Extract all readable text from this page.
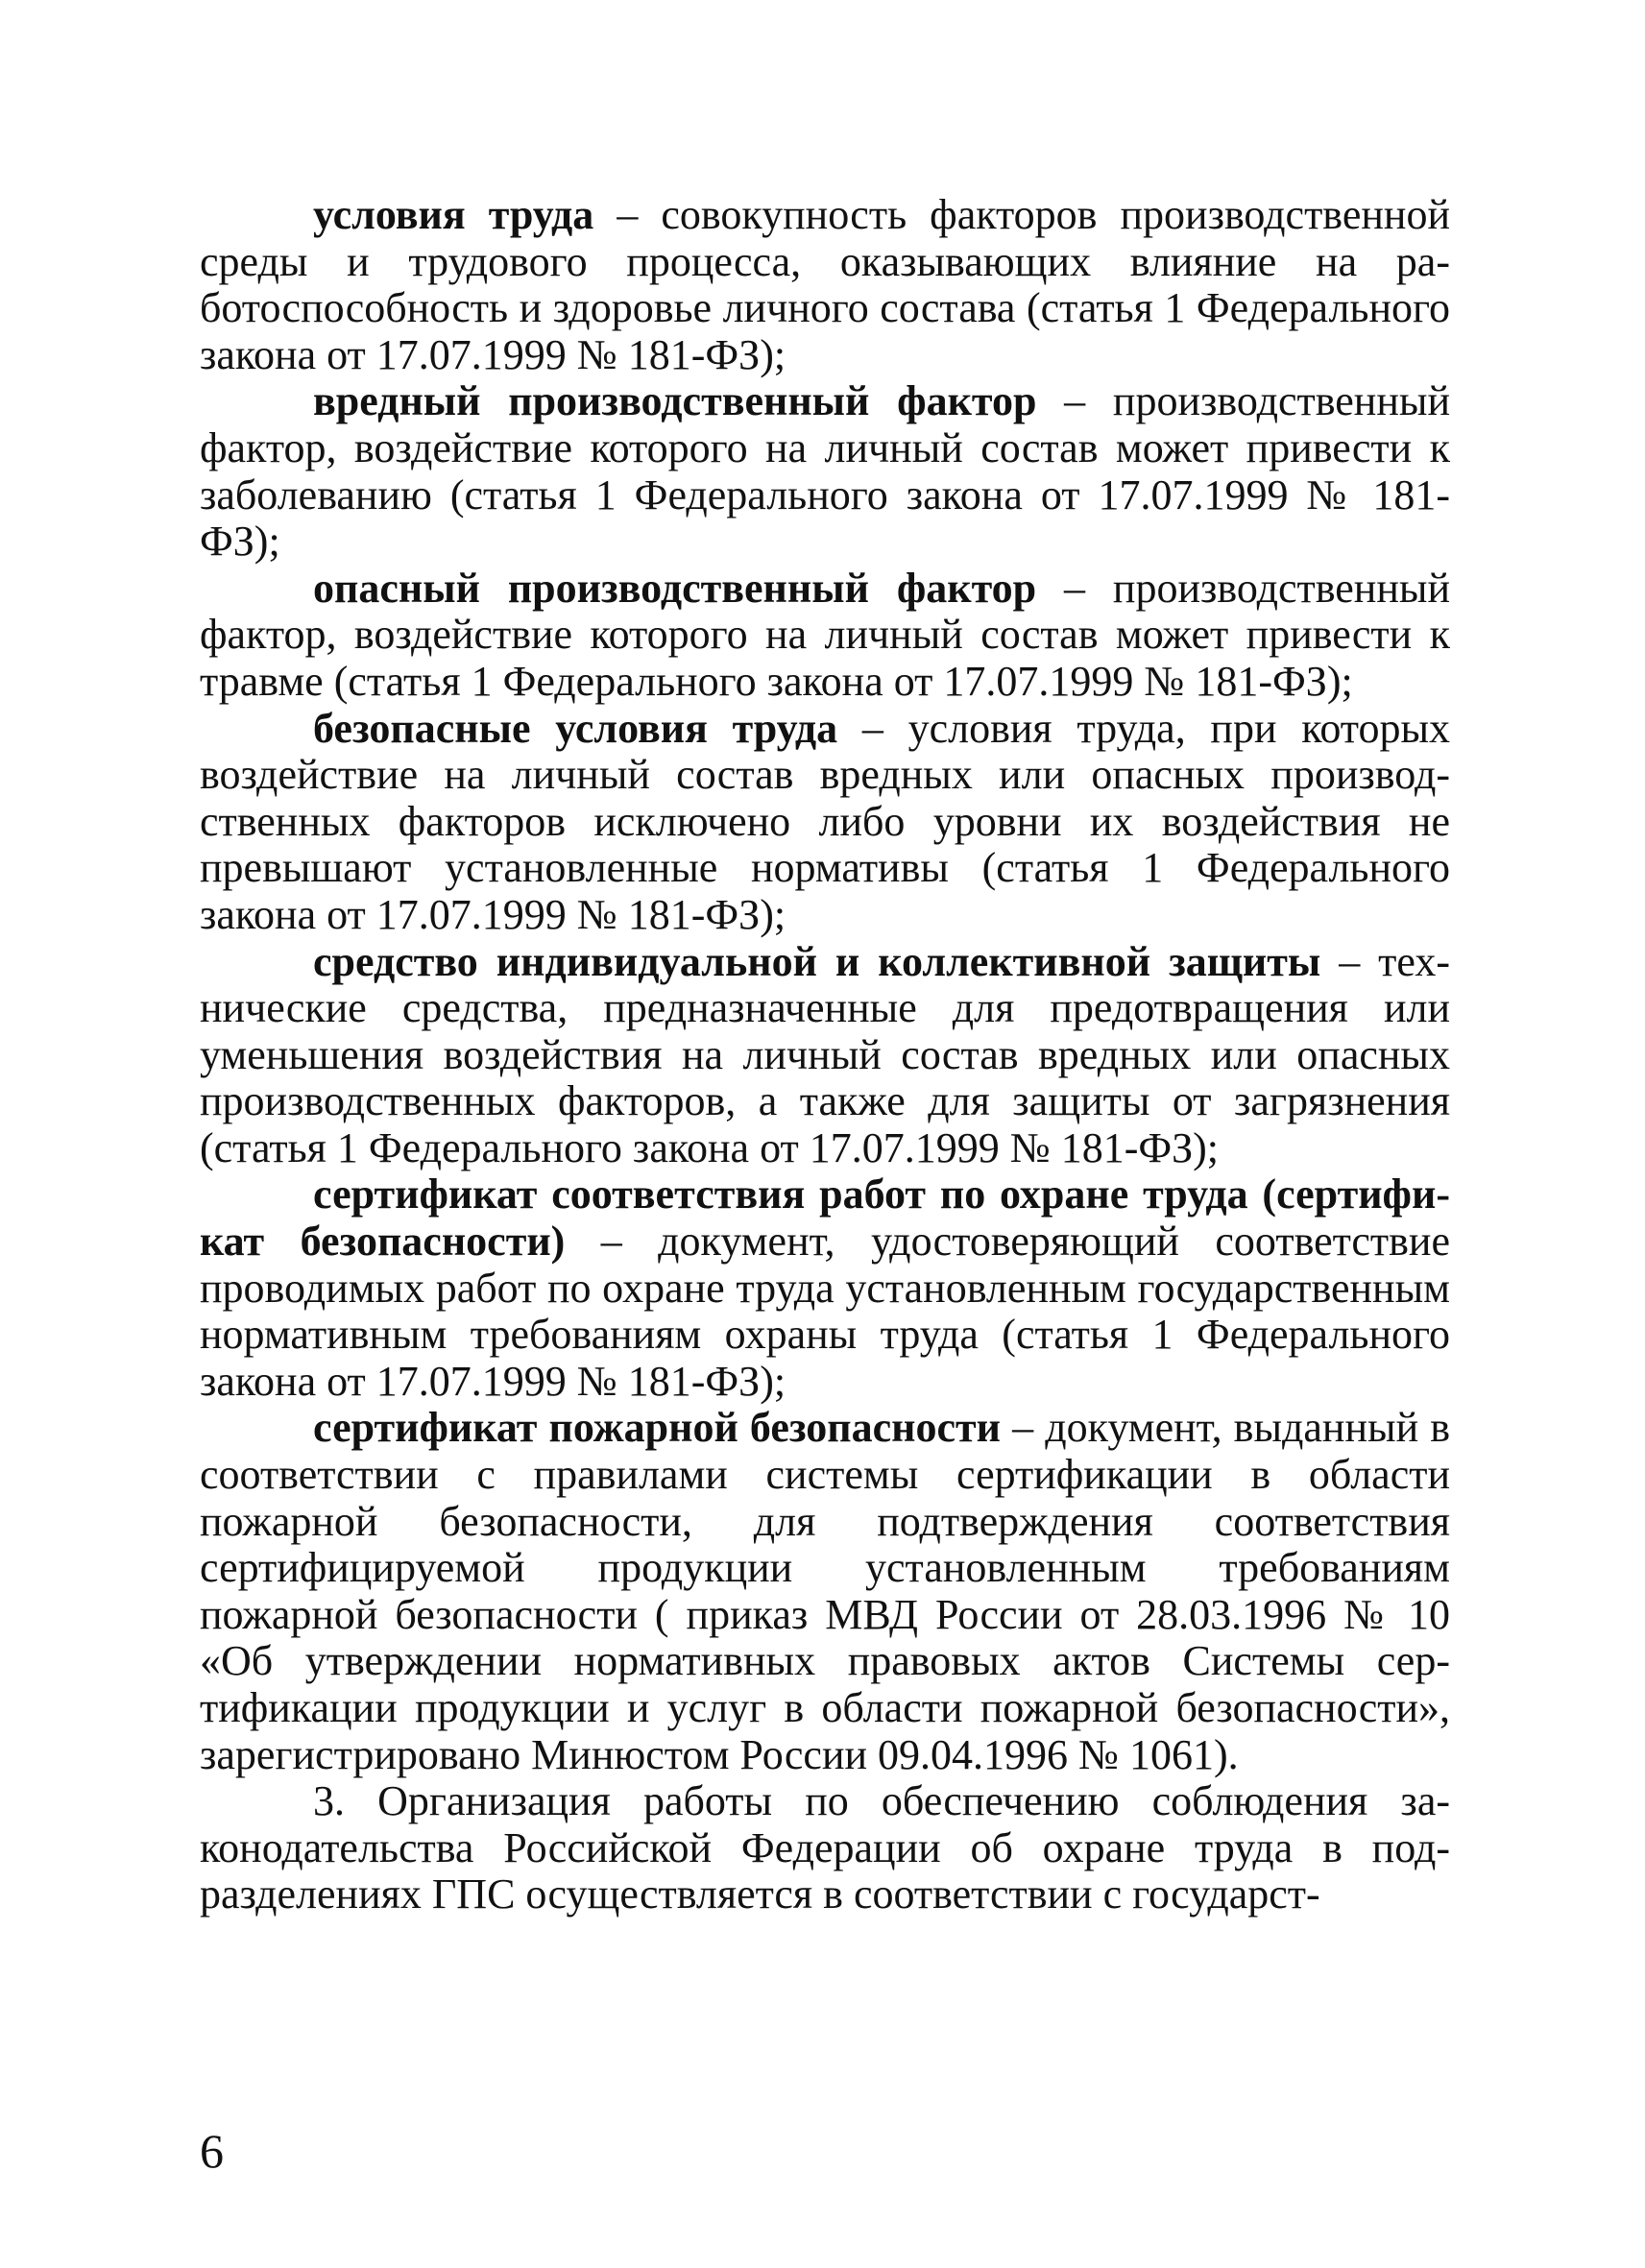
условия труда – совокупность факторов производственной среды и трудового процесса, оказывающих влияние на работоспособность и здоровье личного состава (статья 1 Федерального закона от 17.07.1999 № 181-ФЗ);

вредный производственный фактор – производственный фактор, воздействие которого на личный состав может привести к заболеванию (статья 1 Федерального закона от 17.07.1999 № 181-ФЗ);

опасный производственный фактор – производственный фактор, воздействие которого на личный состав может привести к травме (статья 1 Федерального закона от 17.07.1999 № 181-ФЗ);

безопасные условия труда – условия труда, при которых воздействие на личный состав вредных или опасных производственных факторов исключено либо уровни их воздействия не превышают установленные нормативы (статья 1 Федерального закона от 17.07.1999 № 181-ФЗ);

средство индивидуальной и коллективной защиты – технические средства, предназначенные для предотвращения или уменьшения воздействия на личный состав вредных или опасных производственных факторов, а также для защиты от загрязнения (статья 1 Федерального закона от 17.07.1999 № 181-ФЗ);

сертификат соответствия работ по охране труда (сертификат безопасности) – документ, удостоверяющий соответствие проводимых работ по охране труда установленным государственным нормативным требованиям охраны труда (статья 1 Федерального закона от 17.07.1999 № 181-ФЗ);

сертификат пожарной безопасности – документ, выданный в соответствии с правилами системы сертификации в области пожарной безопасности, для подтверждения соответствия сертифицируемой продукции установленным требованиям пожарной безопасности ( приказ МВД России от 28.03.1996 № 10 «Об утверждении нормативных правовых актов Системы сертификации продукции и услуг в области пожарной безопасности», зарегистрировано Минюстом России 09.04.1996 № 1061).

3. Организация работы по обеспечению соблюдения законодательства Российской Федерации об охране труда в подразделениях ГПС осуществляется в соответствии с государст-

6
